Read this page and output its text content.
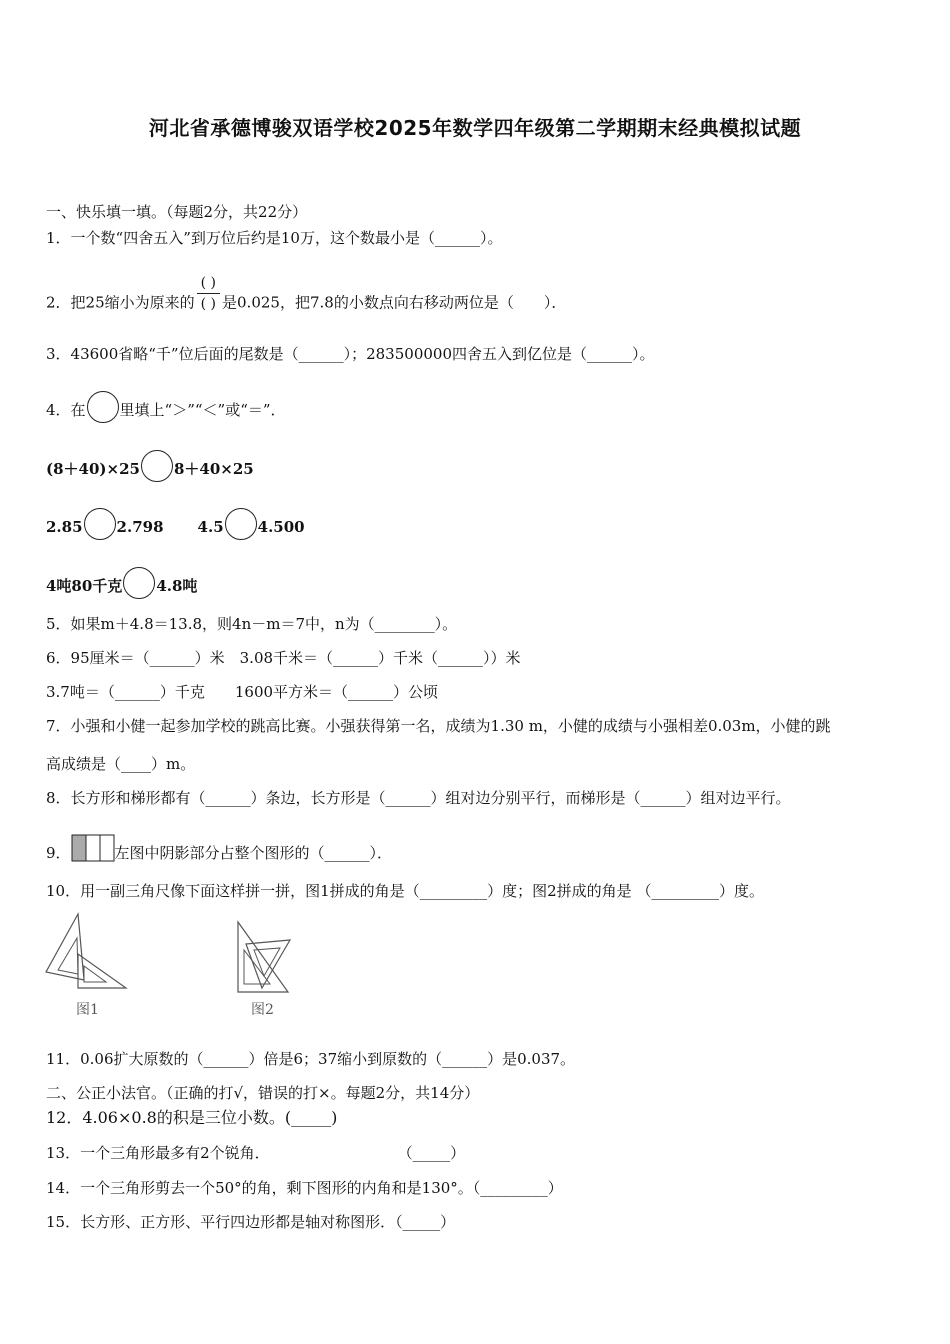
河北省承德博骏双语学校2025年数学四年级第二学期期末经典模拟试题
一、快乐填一填。（每题2分，共22分）
1．一个数“四舍五入”到万位后约是10万，这个数最小是（______）。
2．把25缩小为原来的 $\frac{( )}{( )}$ 是0.025，把7.8的小数点向右移动两位是（　　）．
3．43600省略“千”位后面的尾数是（______）；283500000四舍五入到亿位是（______）。
4．在 里填上“＞”“＜”或“＝”．
(8＋40)×25 8＋40×25
2.85 2.798 4.5 4.500
4吨80千克 4.8吨
5．如果m＋4.8＝13.8，则4n－m＝7中，n为（________）。
6．95厘米＝（______）米　3.08千米＝（______）千米（______））米
3.7吨＝（______）千克　　1600平方米＝（______）公顷
7．小强和小健一起参加学校的跳高比赛。小强获得第一名，成绩为1.30 m，小健的成绩与小强相差0.03m，小健的跳
高成绩是（____）m。
8．长方形和梯形都有（______）条边，长方形是（______）组对边分别平行，而梯形是（______）组对边平行。
9．	左图中阴影部分占整个图形的（______）．
10．用一副三角尺像下面这样拼一拼，图1拼成的角是（_________）度；图2拼成的角是 （_________）度。
图1	图2
11．0.06扩大原数的（______）倍是6；37缩小到原数的（______）是0.037。
二、公正小法官。（正确的打√，错误的打×。每题2分，共14分）
12．4.06×0.8的积是三位小数。(_____)
13．一个三角形最多有2个锐角．	（_____）
14．一个三角形剪去一个50°的角，剩下图形的内角和是130°。（_________）
15．长方形、正方形、平行四边形都是轴对称图形．（_____）
